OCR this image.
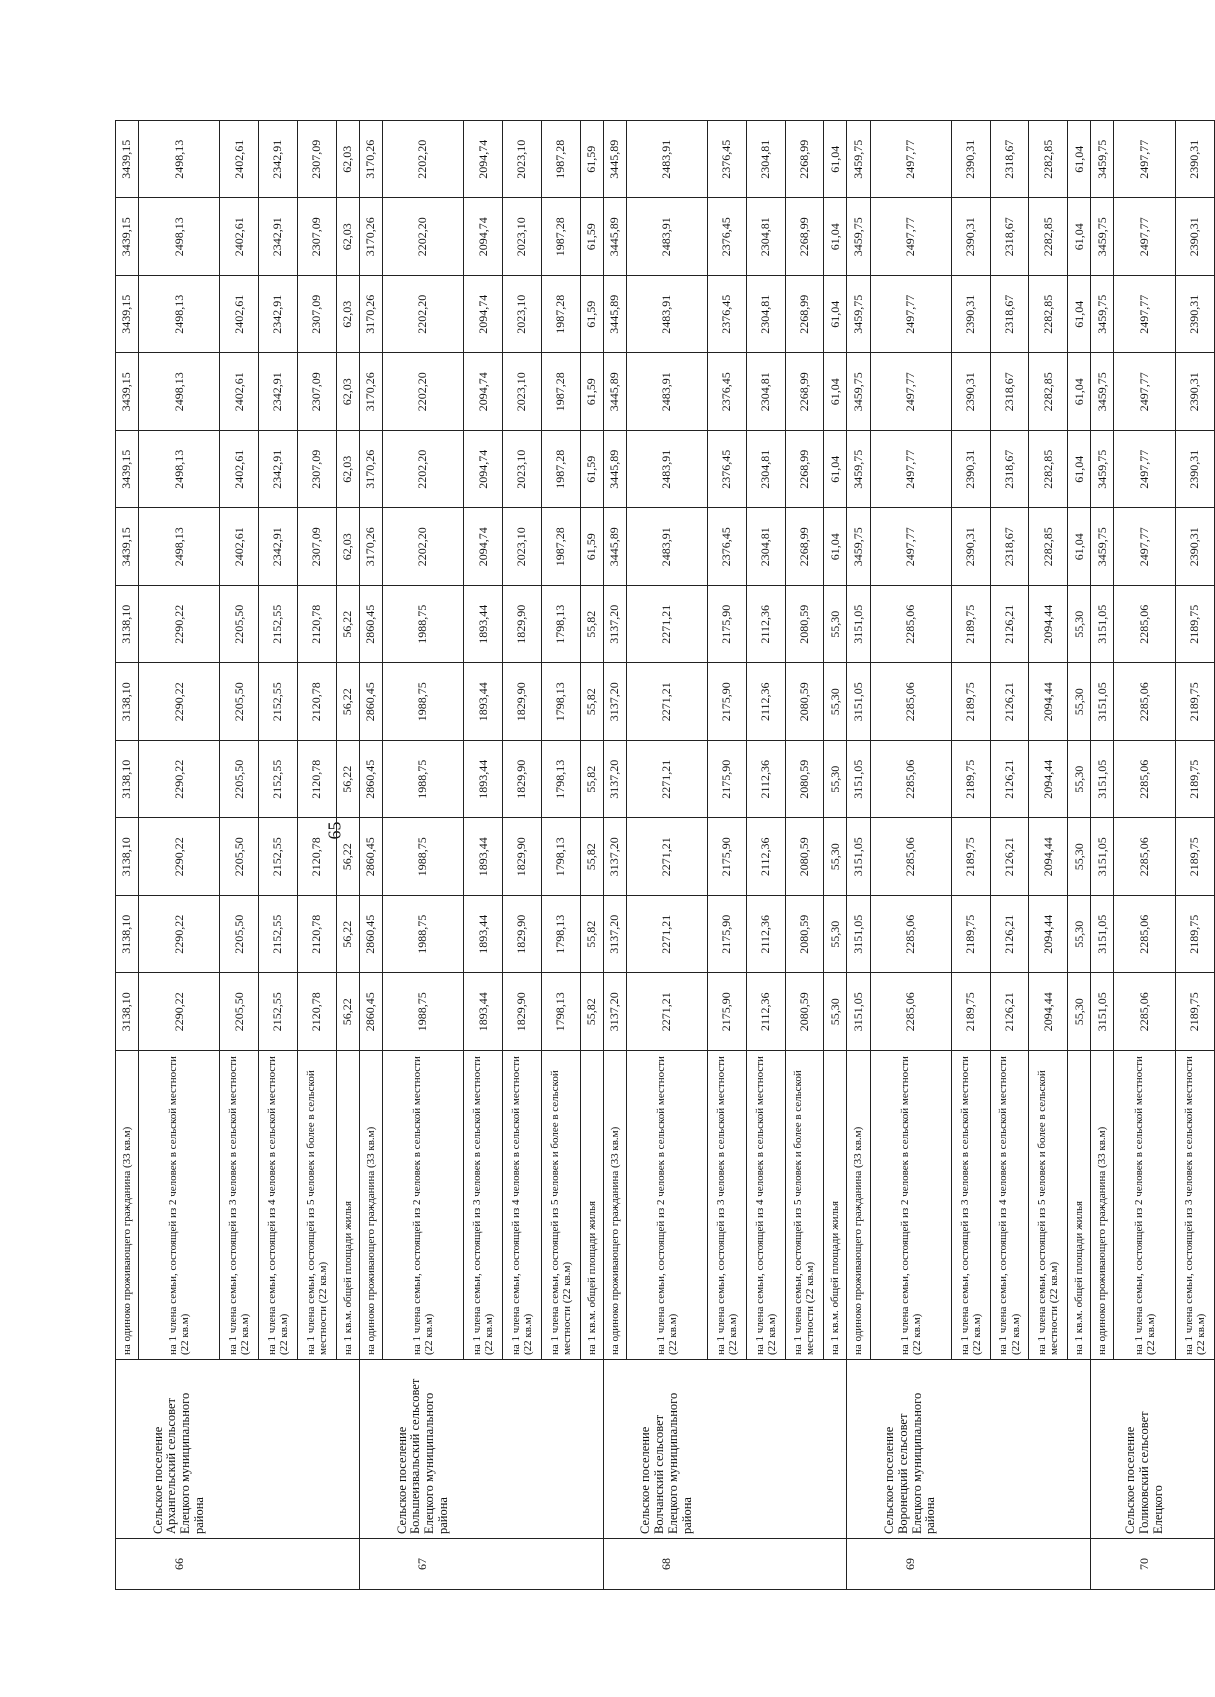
65
		на одиноко проживающего гражданина (33 кв.м)	3138,10	3138,10	3138,10	3138,10	3138,10	3138,10	3439,15	3439,15	3439,15	3439,15	3439,15	3439,15
66	Сельское поселение Архангельский сельсовет Елецкого муниципального района	на 1 члена семьи, состоящей из 2 человек в сельской местности (22 кв.м)	2290,22	2290,22	2290,22	2290,22	2290,22	2290,22	2498,13	2498,13	2498,13	2498,13	2498,13	2498,13
		на 1 члена семьи, состоящей из 3 человек в сельской местности (22 кв.м)	2205,50	2205,50	2205,50	2205,50	2205,50	2205,50	2402,61	2402,61	2402,61	2402,61	2402,61	2402,61
		на 1 члена семьи, состоящей из 4 человек в сельской местности (22 кв.м)	2152,55	2152,55	2152,55	2152,55	2152,55	2152,55	2342,91	2342,91	2342,91	2342,91	2342,91	2342,91
		на 1 члена семьи, состоящей из 5 человек и более в сельской местности (22 кв.м)	2120,78	2120,78	2120,78	2120,78	2120,78	2120,78	2307,09	2307,09	2307,09	2307,09	2307,09	2307,09
		на 1 кв.м. общей площади жилья	56,22	56,22	56,22	56,22	56,22	56,22	62,03	62,03	62,03	62,03	62,03	62,03
		на одиноко проживающего гражданина (33 кв.м)	2860,45	2860,45	2860,45	2860,45	2860,45	2860,45	3170,26	3170,26	3170,26	3170,26	3170,26	3170,26
67	Сельское поселение Большеизвальский сельсовет Елецкого муниципального района	на 1 члена семьи, состоящей из 2 человек в сельской местности (22 кв.м)	1988,75	1988,75	1988,75	1988,75	1988,75	1988,75	2202,20	2202,20	2202,20	2202,20	2202,20	2202,20
		на 1 члена семьи, состоящей из 3 человек в сельской местности (22 кв.м)	1893,44	1893,44	1893,44	1893,44	1893,44	1893,44	2094,74	2094,74	2094,74	2094,74	2094,74	2094,74
		на 1 члена семьи, состоящей из 4 человек в сельской местности (22 кв.м)	1829,90	1829,90	1829,90	1829,90	1829,90	1829,90	2023,10	2023,10	2023,10	2023,10	2023,10	2023,10
		на 1 члена семьи, состоящей из 5 человек и более в сельской местности (22 кв.м)	1798,13	1798,13	1798,13	1798,13	1798,13	1798,13	1987,28	1987,28	1987,28	1987,28	1987,28	1987,28
		на 1 кв.м. общей площади жилья	55,82	55,82	55,82	55,82	55,82	55,82	61,59	61,59	61,59	61,59	61,59	61,59
		на одиноко проживающего гражданина (33 кв.м)	3137,20	3137,20	3137,20	3137,20	3137,20	3137,20	3445,89	3445,89	3445,89	3445,89	3445,89	3445,89
68	Сельское поселение Волчанский сельсовет Елецкого муниципального района	на 1 члена семьи, состоящей из 2 человек в сельской местности (22 кв.м)	2271,21	2271,21	2271,21	2271,21	2271,21	2271,21	2483,91	2483,91	2483,91	2483,91	2483,91	2483,91
		на 1 члена семьи, состоящей из 3 человек в сельской местности (22 кв.м)	2175,90	2175,90	2175,90	2175,90	2175,90	2175,90	2376,45	2376,45	2376,45	2376,45	2376,45	2376,45
		на 1 члена семьи, состоящей из 4 человек в сельской местности (22 кв.м)	2112,36	2112,36	2112,36	2112,36	2112,36	2112,36	2304,81	2304,81	2304,81	2304,81	2304,81	2304,81
		на 1 члена семьи, состоящей из 5 человек и более в сельской местности (22 кв.м)	2080,59	2080,59	2080,59	2080,59	2080,59	2080,59	2268,99	2268,99	2268,99	2268,99	2268,99	2268,99
		на 1 кв.м. общей площади жилья	55,30	55,30	55,30	55,30	55,30	55,30	61,04	61,04	61,04	61,04	61,04	61,04
		на одиноко проживающего гражданина (33 кв.м)	3151,05	3151,05	3151,05	3151,05	3151,05	3151,05	3459,75	3459,75	3459,75	3459,75	3459,75	3459,75
69	Сельское поселение Воронецкий сельсовет Елецкого муниципального района	на 1 члена семьи, состоящей из 2 человек в сельской местности (22 кв.м)	2285,06	2285,06	2285,06	2285,06	2285,06	2285,06	2497,77	2497,77	2497,77	2497,77	2497,77	2497,77
		на 1 члена семьи, состоящей из 3 человек в сельской местности (22 кв.м)	2189,75	2189,75	2189,75	2189,75	2189,75	2189,75	2390,31	2390,31	2390,31	2390,31	2390,31	2390,31
		на 1 члена семьи, состоящей из 4 человек в сельской местности (22 кв.м)	2126,21	2126,21	2126,21	2126,21	2126,21	2126,21	2318,67	2318,67	2318,67	2318,67	2318,67	2318,67
		на 1 члена семьи, состоящей из 5 человек и более в сельской местности (22 кв.м)	2094,44	2094,44	2094,44	2094,44	2094,44	2094,44	2282,85	2282,85	2282,85	2282,85	2282,85	2282,85
		на 1 кв.м. общей площади жилья	55,30	55,30	55,30	55,30	55,30	55,30	61,04	61,04	61,04	61,04	61,04	61,04
		на одиноко проживающего гражданина (33 кв.м)	3151,05	3151,05	3151,05	3151,05	3151,05	3151,05	3459,75	3459,75	3459,75	3459,75	3459,75	3459,75
70	Сельское поселение Голиковский сельсовет Елецкого	на 1 члена семьи, состоящей из 2 человек в сельской местности (22 кв.м)	2285,06	2285,06	2285,06	2285,06	2285,06	2285,06	2497,77	2497,77	2497,77	2497,77	2497,77	2497,77
		на 1 члена семьи, состоящей из 3 человек в сельской местности (22 кв.м)	2189,75	2189,75	2189,75	2189,75	2189,75	2189,75	2390,31	2390,31	2390,31	2390,31	2390,31	2390,31
